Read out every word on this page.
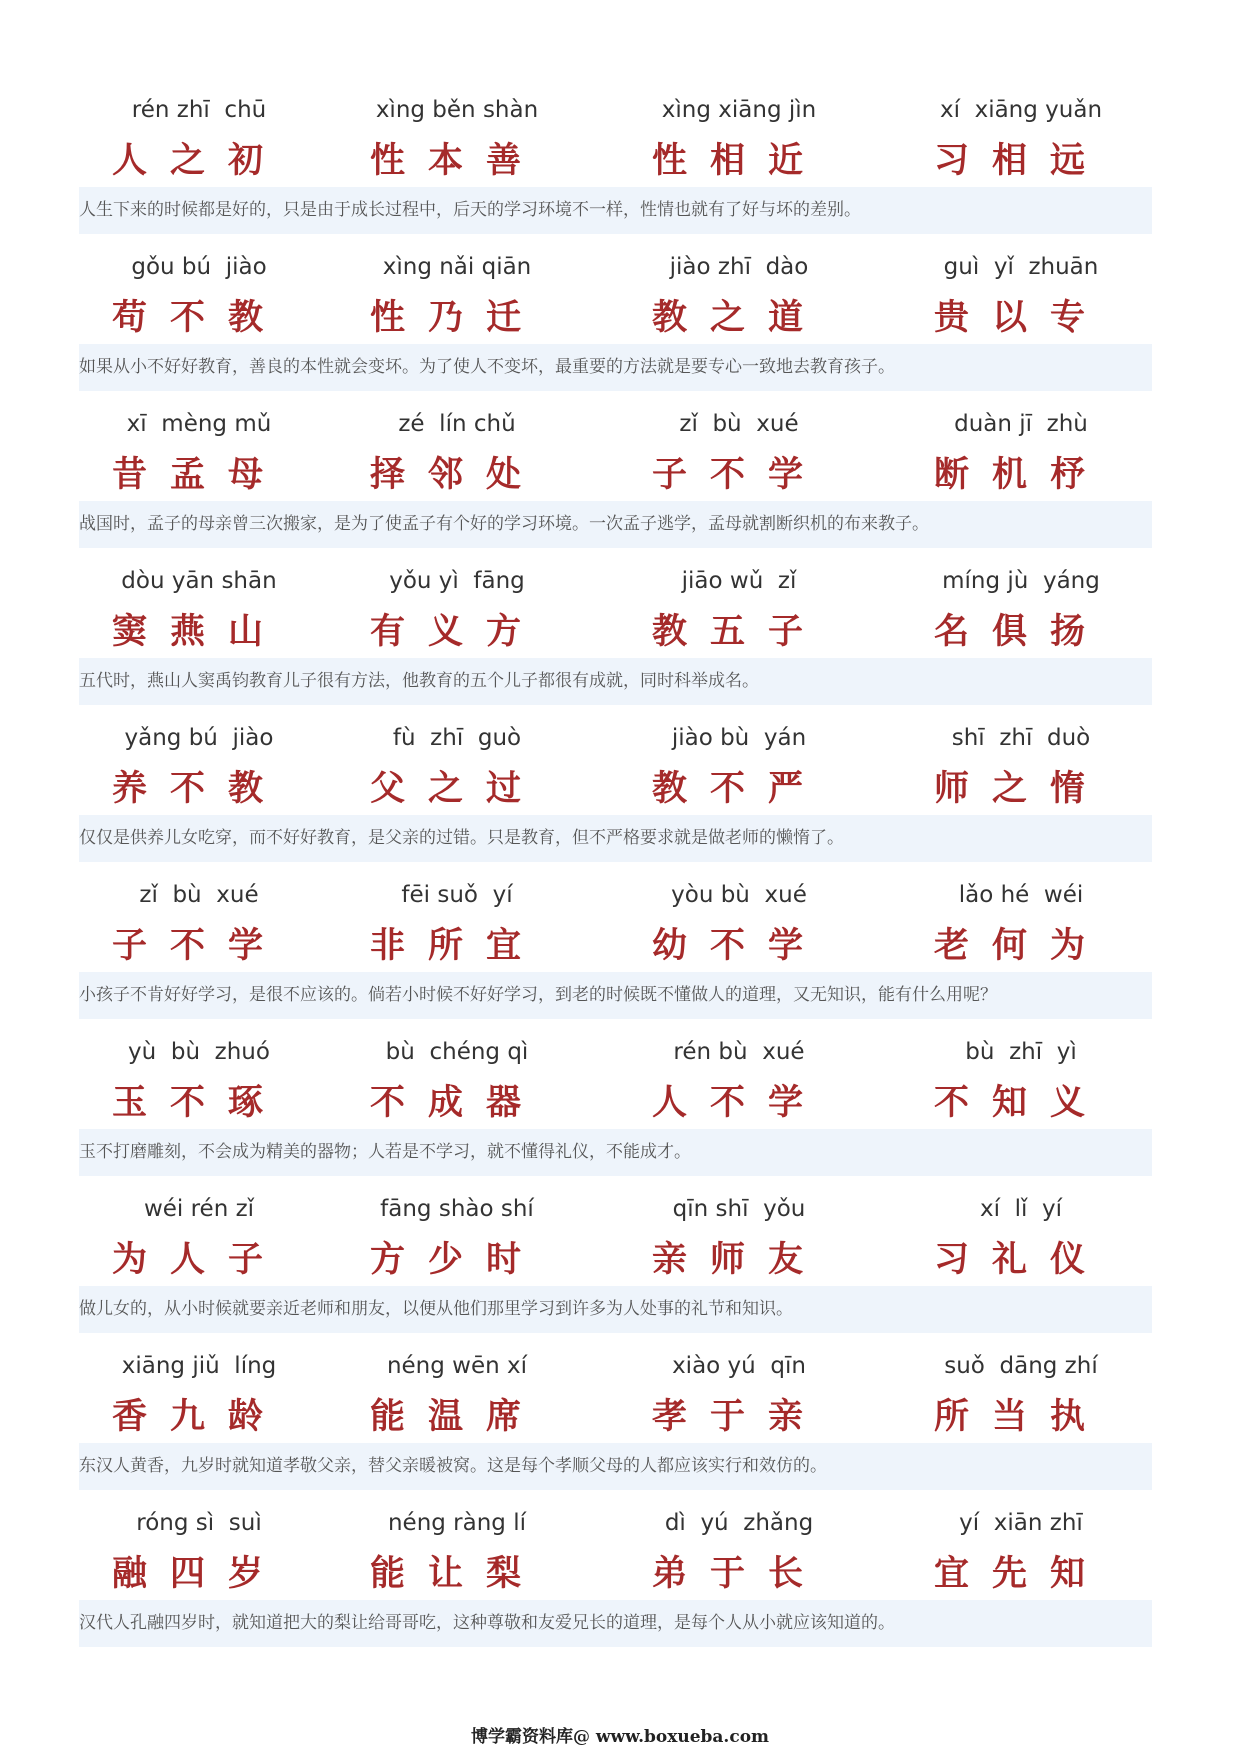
rén zhī  chū	xìng běn shàn	xìng xiāng jìn	xí  xiāng yuǎn
人之初	性本善	性相近	习相远
人生下来的时候都是好的，只是由于成长过程中，后天的学习环境不一样，性情也就有了好与坏的差别。
gǒu bú  jiào	xìng nǎi qiān	jiào zhī  dào	guì  yǐ  zhuān
苟不教	性乃迁	教之道	贵以专
如果从小不好好教育，善良的本性就会变坏。为了使人不变坏，最重要的方法就是要专心一致地去教育孩子。
xī  mèng mǔ	zé  lín chǔ	zǐ  bù  xué	duàn jī  zhù
昔孟母	择邻处	子不学	断机杼
战国时，孟子的母亲曾三次搬家，是为了使孟子有个好的学习环境。一次孟子逃学，孟母就割断织机的布来教子。
dòu yān shān	yǒu yì  fāng	jiāo wǔ  zǐ	míng jù  yáng
窦燕山	有义方	教五子	名俱扬
五代时，燕山人窦禹钧教育儿子很有方法，他教育的五个儿子都很有成就，同时科举成名。
yǎng bú  jiào	fù  zhī  guò	jiào bù  yán	shī  zhī  duò
养不教	父之过	教不严	师之惰
仅仅是供养儿女吃穿，而不好好教育，是父亲的过错。只是教育，但不严格要求就是做老师的懒惰了。
zǐ  bù  xué	fēi suǒ  yí	yòu bù  xué	lǎo hé  wéi
子不学	非所宜	幼不学	老何为
小孩子不肯好好学习，是很不应该的。倘若小时候不好好学习，到老的时候既不懂做人的道理，又无知识，能有什么用呢？
yù  bù  zhuó	bù  chéng qì	rén bù  xué	bù  zhī  yì
玉不琢	不成器	人不学	不知义
玉不打磨雕刻，不会成为精美的器物；人若是不学习，就不懂得礼仪，不能成才。
wéi rén zǐ	fāng shào shí	qīn shī  yǒu	xí  lǐ  yí
为人子	方少时	亲师友	习礼仪
做儿女的，从小时候就要亲近老师和朋友，以便从他们那里学习到许多为人处事的礼节和知识。
xiāng jiǔ  líng	néng wēn xí	xiào yú  qīn	suǒ  dāng zhí
香九龄	能温席	孝于亲	所当执
东汉人黄香，九岁时就知道孝敬父亲，替父亲暖被窝。这是每个孝顺父母的人都应该实行和效仿的。
róng sì  suì	néng ràng lí	dì  yú  zhǎng	yí  xiān zhī
融四岁	能让梨	弟于长	宜先知
汉代人孔融四岁时，就知道把大的梨让给哥哥吃，这种尊敬和友爱兄长的道理，是每个人从小就应该知道的。
博学霸资料库@ www.boxueba.com
